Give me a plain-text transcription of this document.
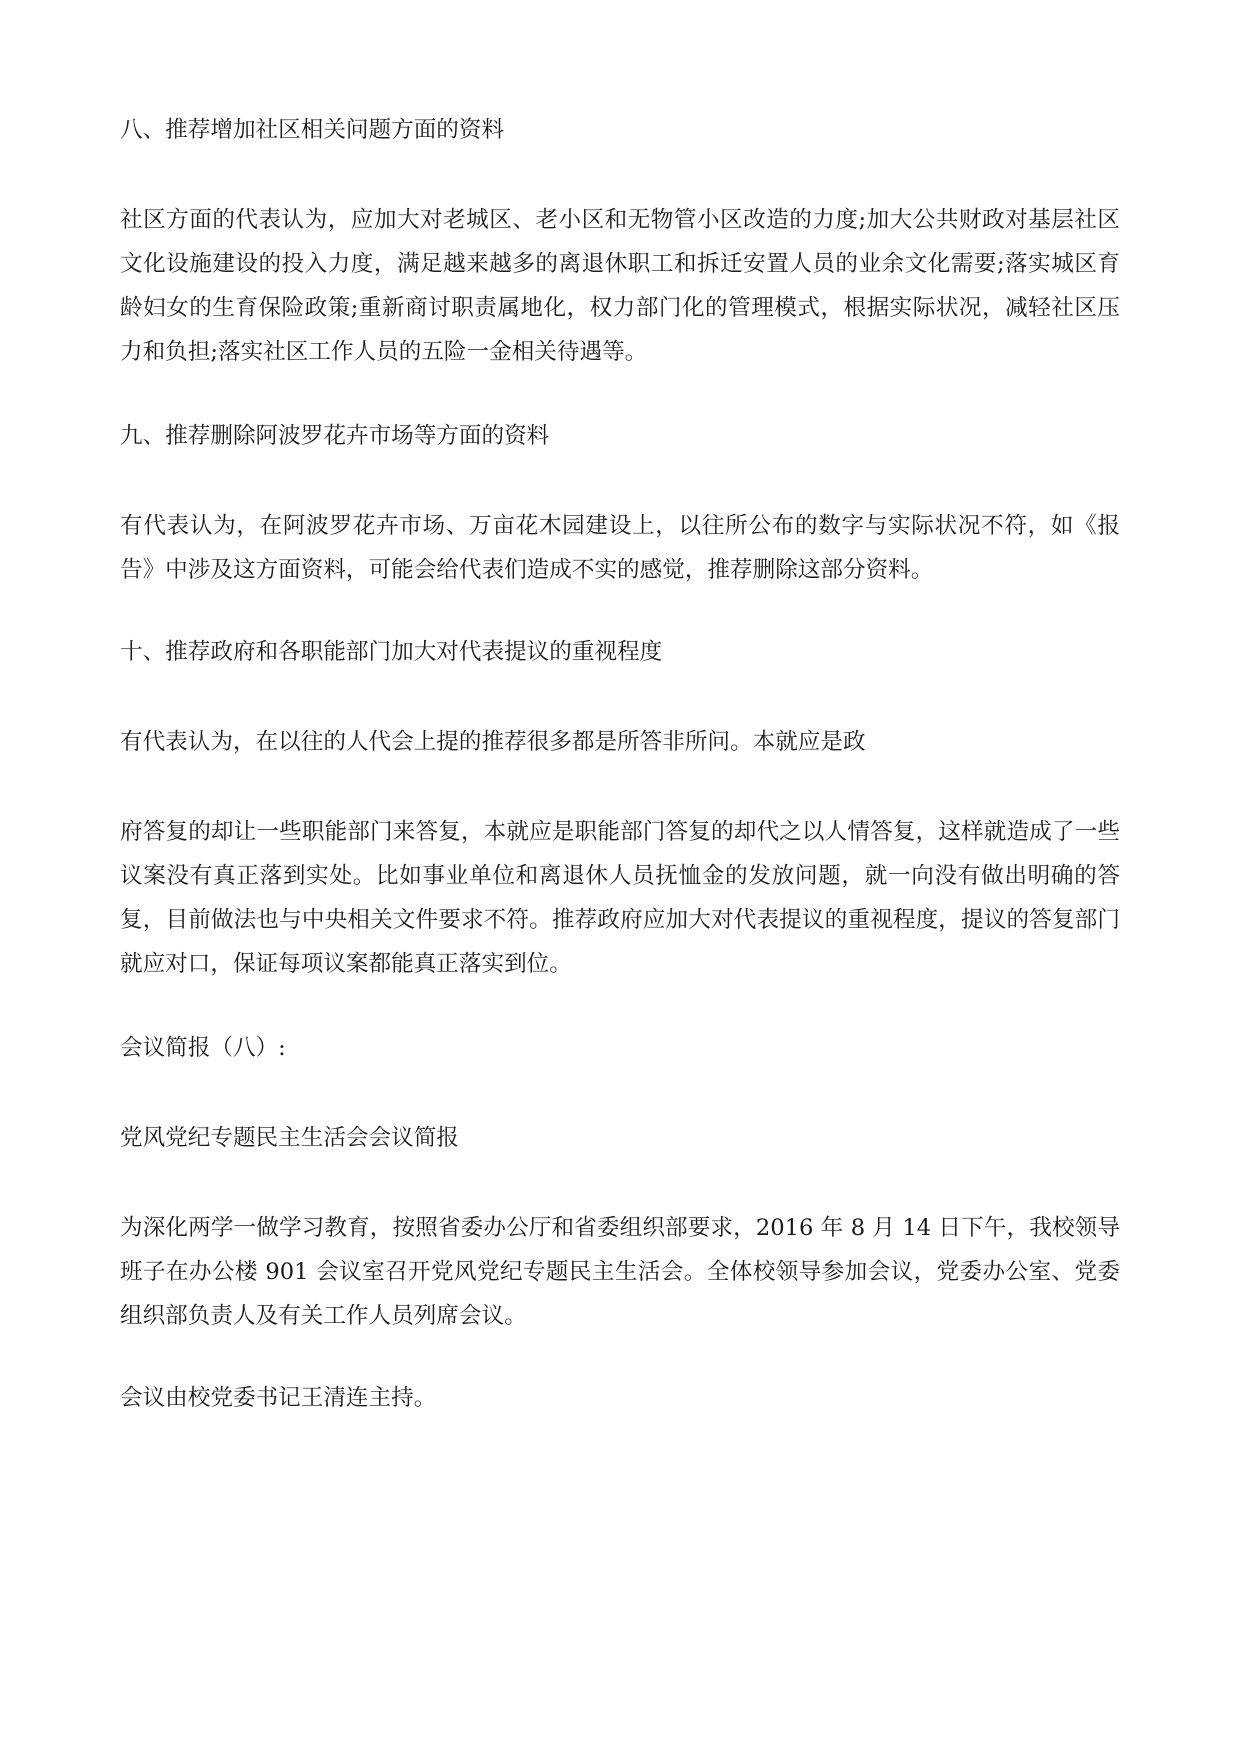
八、推荐增加社区相关问题方面的资料

社区方面的代表认为，应加大对老城区、老小区和无物管小区改造的力度;加大公共财政对基层社区文化设施建设的投入力度，满足越来越多的离退休职工和拆迁安置人员的业余文化需要;落实城区育龄妇女的生育保险政策;重新商讨职责属地化，权力部门化的管理模式，根据实际状况，减轻社区压力和负担;落实社区工作人员的五险一金相关待遇等。

九、推荐删除阿波罗花卉市场等方面的资料

有代表认为，在阿波罗花卉市场、万亩花木园建设上，以往所公布的数字与实际状况不符，如《报告》中涉及这方面资料，可能会给代表们造成不实的感觉，推荐删除这部分资料。

十、推荐政府和各职能部门加大对代表提议的重视程度

有代表认为，在以往的人代会上提的推荐很多都是所答非所问。本就应是政

府答复的却让一些职能部门来答复，本就应是职能部门答复的却代之以人情答复，这样就造成了一些议案没有真正落到实处。比如事业单位和离退休人员抚恤金的发放问题，就一向没有做出明确的答复，目前做法也与中央相关文件要求不符。推荐政府应加大对代表提议的重视程度，提议的答复部门就应对口，保证每项议案都能真正落实到位。

会议简报（八）:

党风党纪专题民主生活会会议简报

为深化两学一做学习教育，按照省委办公厅和省委组织部要求，2016 年 8 月 14 日下午，我校领导班子在办公楼 901 会议室召开党风党纪专题民主生活会。全体校领导参加会议，党委办公室、党委组织部负责人及有关工作人员列席会议。

会议由校党委书记王清连主持。
